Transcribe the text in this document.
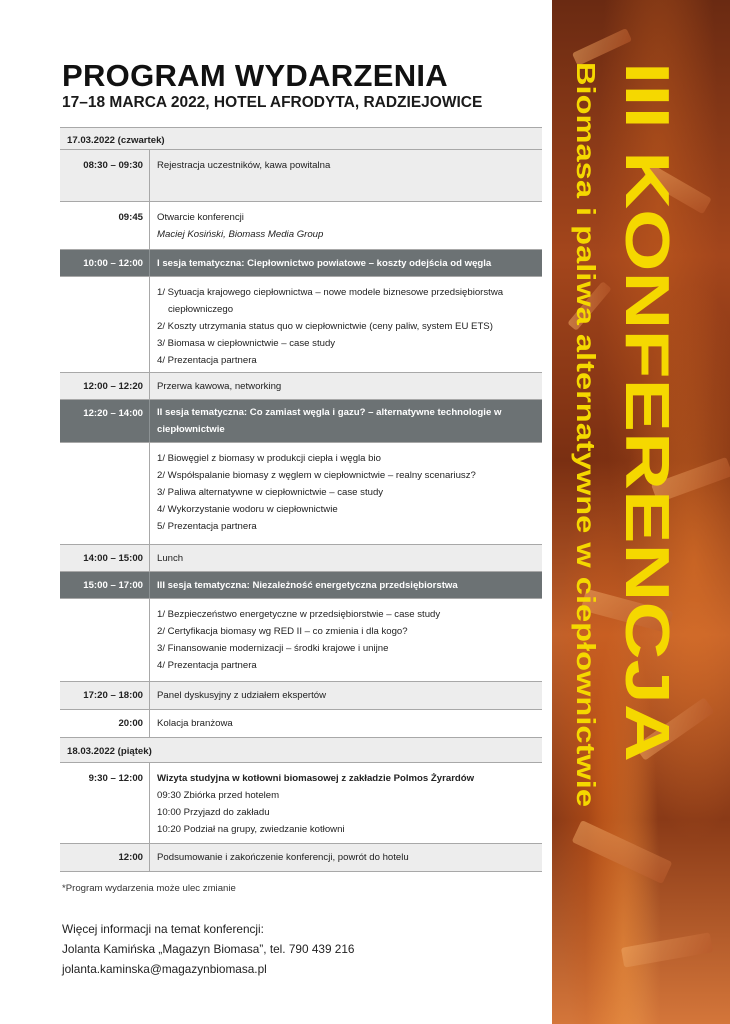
PROGRAM WYDARZENIA
17–18 MARCA 2022, HOTEL AFRODYTA, RADZIEJOWICE
17.03.2022 (czwartek)
08:30 – 09:30	Rejestracja uczestników, kawa powitalna
09:45	Otwarcie konferencji
Maciej Kosiński, Biomass Media Group
10:00 – 12:00	I sesja tematyczna: Ciepłownictwo powiatowe – koszty odejścia od węgla
1/ Sytuacja krajowego ciepłownictwa – nowe modele biznesowe przedsiębiorstwa
ciepłowniczego
2/ Koszty utrzymania status quo w ciepłownictwie (ceny paliw, system EU ETS)
3/ Biomasa w ciepłownictwie – case study
4/ Prezentacja partnera
12:00 – 12:20	Przerwa kawowa, networking
12:20 – 14:00	II sesja tematyczna: Co zamiast węgla i gazu? – alternatywne technologie w
ciepłownictwie
1/ Biowęgiel z biomasy w produkcji ciepła i węgla bio
2/ Współspalanie biomasy z węglem w ciepłownictwie – realny scenariusz?
3/ Paliwa alternatywne w ciepłownictwie – case study
4/ Wykorzystanie wodoru w ciepłownictwie
5/ Prezentacja partnera
14:00 – 15:00	Lunch
15:00 – 17:00	III sesja tematyczna: Niezależność energetyczna przedsiębiorstwa
1/ Bezpieczeństwo energetyczne w przedsiębiorstwie – case study
2/ Certyfikacja biomasy wg RED II – co zmienia i dla kogo?
3/ Finansowanie modernizacji – środki krajowe i unijne
4/ Prezentacja partnera
17:20 – 18:00	Panel dyskusyjny z udziałem ekspertów
20:00	Kolacja branżowa
18.03.2022 (piątek)
9:30 – 12:00	Wizyta studyjna w kotłowni biomasowej z zakładzie Polmos Żyrardów
09:30 Zbiórka przed hotelem
10:00 Przyjazd do zakładu
10:20 Podział na grupy, zwiedzanie kotłowni
12:00	Podsumowanie i zakończenie konferencji, powrót do hotelu
*Program wydarzenia może ulec zmianie
Więcej informacji na temat konferencji:
Jolanta Kamińska „Magazyn Biomasa”, tel. 790 439 216
jolanta.kaminska@magazynbiomasa.pl
III KONFERENCJA
Biomasa i paliwa alternatywne w ciepłownictwie
